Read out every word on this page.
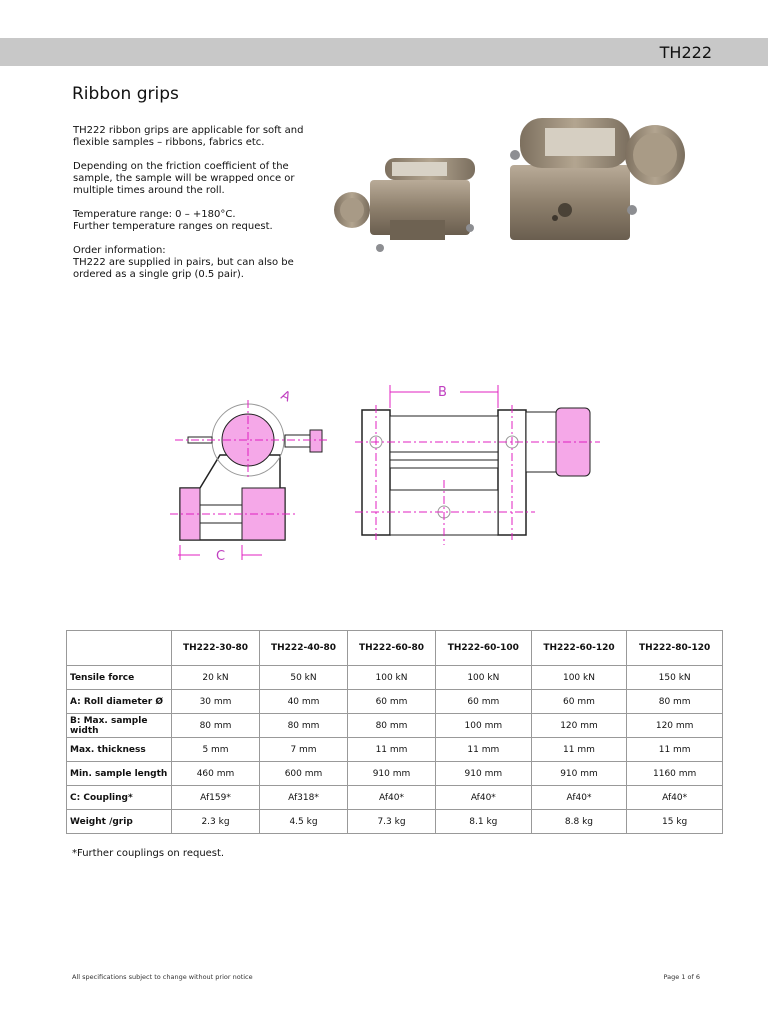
TH222
Ribbon grips

TH222 ribbon grips are applicable for soft and flexible samples – ribbons, fabrics etc.

Depending on the friction coefficient of the sample, the sample will be wrapped once or multiple times around the roll.

Temperature range: 0 – +180°C.
Further temperature ranges on request.

Order information:
TH222 are supplied in pairs, but can also be ordered as a single grip (0.5 pair).

C
A	B
	TH222-30-80	TH222-40-80	TH222-60-80	TH222-60-100	TH222-60-120	TH222-80-120
Tensile force	20 kN	50 kN	100 kN	100 kN	100 kN	150 kN
A: Roll diameter Ø	30 mm	40 mm	60 mm	60 mm	60 mm	80 mm
B: Max. sample width	80 mm	80 mm	80 mm	100 mm	120 mm	120 mm
Max. thickness	5 mm	7 mm	11 mm	11 mm	11 mm	11 mm
Min. sample length	460 mm	600 mm	910 mm	910 mm	910 mm	1160 mm
C: Coupling*	Af159*	Af318*	Af40*	Af40*	Af40*	Af40*
Weight /grip	2.3 kg	4.5 kg	7.3 kg	8.1 kg	8.8 kg	15 kg
*Further couplings on request.
All specifications subject to change without prior notice	Page 1 of 6
